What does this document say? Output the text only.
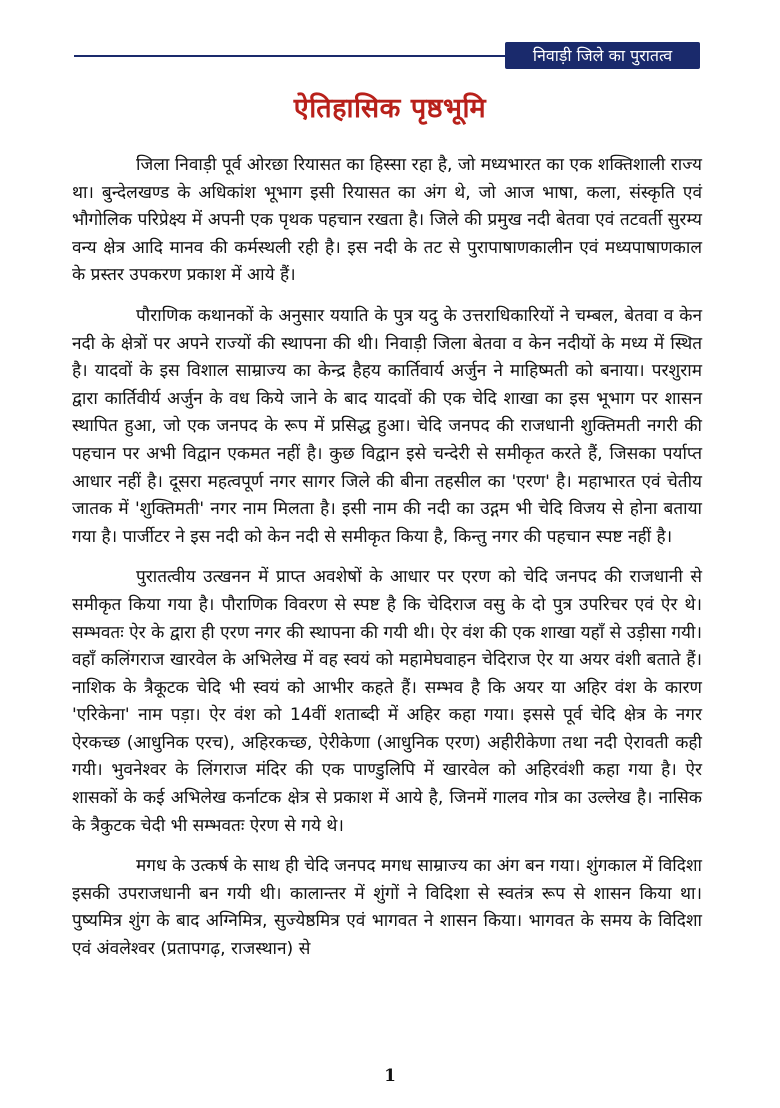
निवाड़ी जिले का पुरातत्व
ऐतिहासिक पृष्ठभूमि

जिला निवाड़ी पूर्व ओरछा रियासत का हिस्सा रहा है, जो मध्यभारत का एक शक्तिशाली राज्य था। बुन्देलखण्ड के अधिकांश भूभाग इसी रियासत का अंग थे, जो आज भाषा, कला, संस्कृति एवं भौगोलिक परिप्रेक्ष्य में अपनी एक पृथक पहचान रखता है। जिले की प्रमुख नदी बेतवा एवं तटवर्ती सुरम्य वन्य क्षेत्र आदि मानव की कर्मस्थली रही है। इस नदी के तट से पुरापाषाणकालीन एवं मध्यपाषाणकाल के प्रस्तर उपकरण प्रकाश में आये हैं।

पौराणिक कथानकों के अनुसार ययाति के पुत्र यदु के उत्तराधिकारियों ने चम्बल, बेतवा व केन नदी के क्षेत्रों पर अपने राज्यों की स्थापना की थी। निवाड़ी जिला बेतवा व केन नदीयों के मध्य में स्थित है। यादवों के इस विशाल साम्राज्य का केन्द्र हैहय कार्तिवार्य अर्जुन ने माहिष्मती को बनाया। परशुराम द्वारा कार्तिवीर्य अर्जुन के वध किये जाने के बाद यादवों की एक चेदि शाखा का इस भूभाग पर शासन स्थापित हुआ, जो एक जनपद के रूप में प्रसिद्ध हुआ। चेदि जनपद की राजधानी शुक्तिमती नगरी की पहचान पर अभी विद्वान एकमत नहीं है। कुछ विद्वान इसे चन्देरी से समीकृत करते हैं, जिसका पर्याप्त आधार नहीं है। दूसरा महत्वपूर्ण नगर सागर जिले की बीना तहसील का 'एरण' है। महाभारत एवं चेतीय जातक में 'शुक्तिमती' नगर नाम मिलता है। इसी नाम की नदी का उद्गम भी चेदि विजय से होना बताया गया है। पार्जीटर ने इस नदी को केन नदी से समीकृत किया है, किन्तु नगर की पहचान स्पष्ट नहीं है।

पुरातत्वीय उत्खनन में प्राप्त अवशेषों के आधार पर एरण को चेदि जनपद की राजधानी से समीकृत किया गया है। पौराणिक विवरण से स्पष्ट है कि चेदिराज वसु के दो पुत्र उपरिचर एवं ऐर थे। सम्भवतः ऐर के द्वारा ही एरण नगर की स्थापना की गयी थी। ऐर वंश की एक शाखा यहाँ से उड़ीसा गयी। वहाँ कलिंगराज खारवेल के अभिलेख में वह स्वयं को महामेघवाहन चेदिराज ऐर या अयर वंशी बताते हैं। नाशिक के त्रैकूटक चेदि भी स्वयं को आभीर कहते हैं। सम्भव है कि अयर या अहिर वंश के कारण 'एरिकेना' नाम पड़ा। ऐर वंश को 14वीं शताब्दी में अहिर कहा गया। इससे पूर्व चेदि क्षेत्र के नगर ऐरकच्छ (आधुनिक एरच), अहिरकच्छ, ऐरीकेणा (आधुनिक एरण) अहीरीकेणा तथा नदी ऐरावती कही गयी। भुवनेश्वर के लिंगराज मंदिर की एक पाण्डुलिपि में खारवेल को अहिरवंशी कहा गया है। ऐर शासकों के कई अभिलेख कर्नाटक क्षेत्र से प्रकाश में आये है, जिनमें गालव गोत्र का उल्लेख है। नासिक के त्रैकुटक चेदी भी सम्भवतः ऐरण से गये थे।

मगध के उत्कर्ष के साथ ही चेदि जनपद मगध साम्राज्य का अंग बन गया। शुंगकाल में विदिशा इसकी उपराजधानी बन गयी थी। कालान्तर में शुंगों ने विदिशा से स्वतंत्र रूप से शासन किया था। पुष्यमित्र शुंग के बाद अग्निमित्र, सुज्येष्ठमित्र एवं भागवत ने शासन किया। भागवत के समय के विदिशा एवं अंवलेश्वर (प्रतापगढ़, राजस्थान) से

1
